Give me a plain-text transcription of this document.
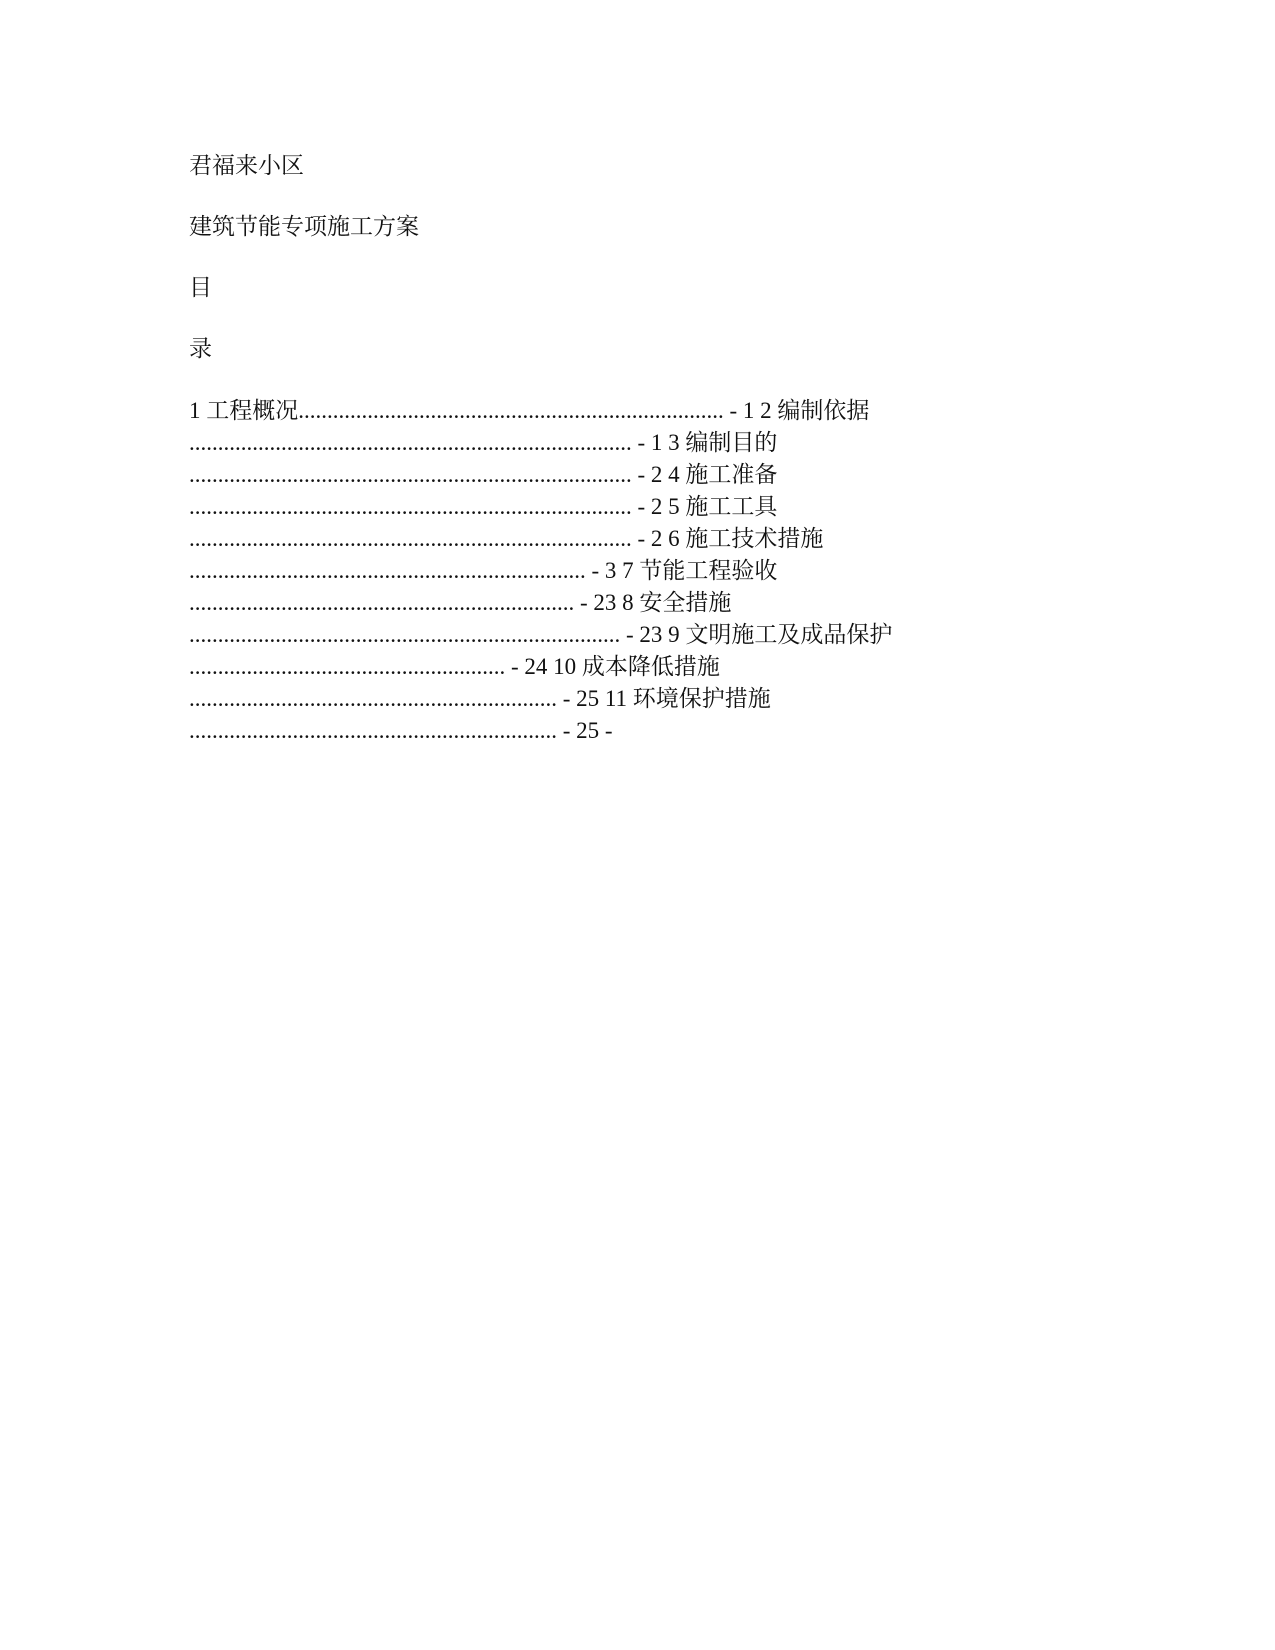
君福来小区

建筑节能专项施工方案

目

录

1 工程概况.......................................................................... - 1 2 编制依据

............................................................................. - 1 3 编制目的

............................................................................. - 2 4 施工准备

............................................................................. - 2 5 施工工具

............................................................................. - 2 6 施工技术措施

..................................................................... - 3 7 节能工程验收

................................................................... - 23 8 安全措施

........................................................................... - 23 9 文明施工及成品保护

....................................................... - 24 10 成本降低措施

................................................................ - 25 11 环境保护措施

................................................................ - 25 -
